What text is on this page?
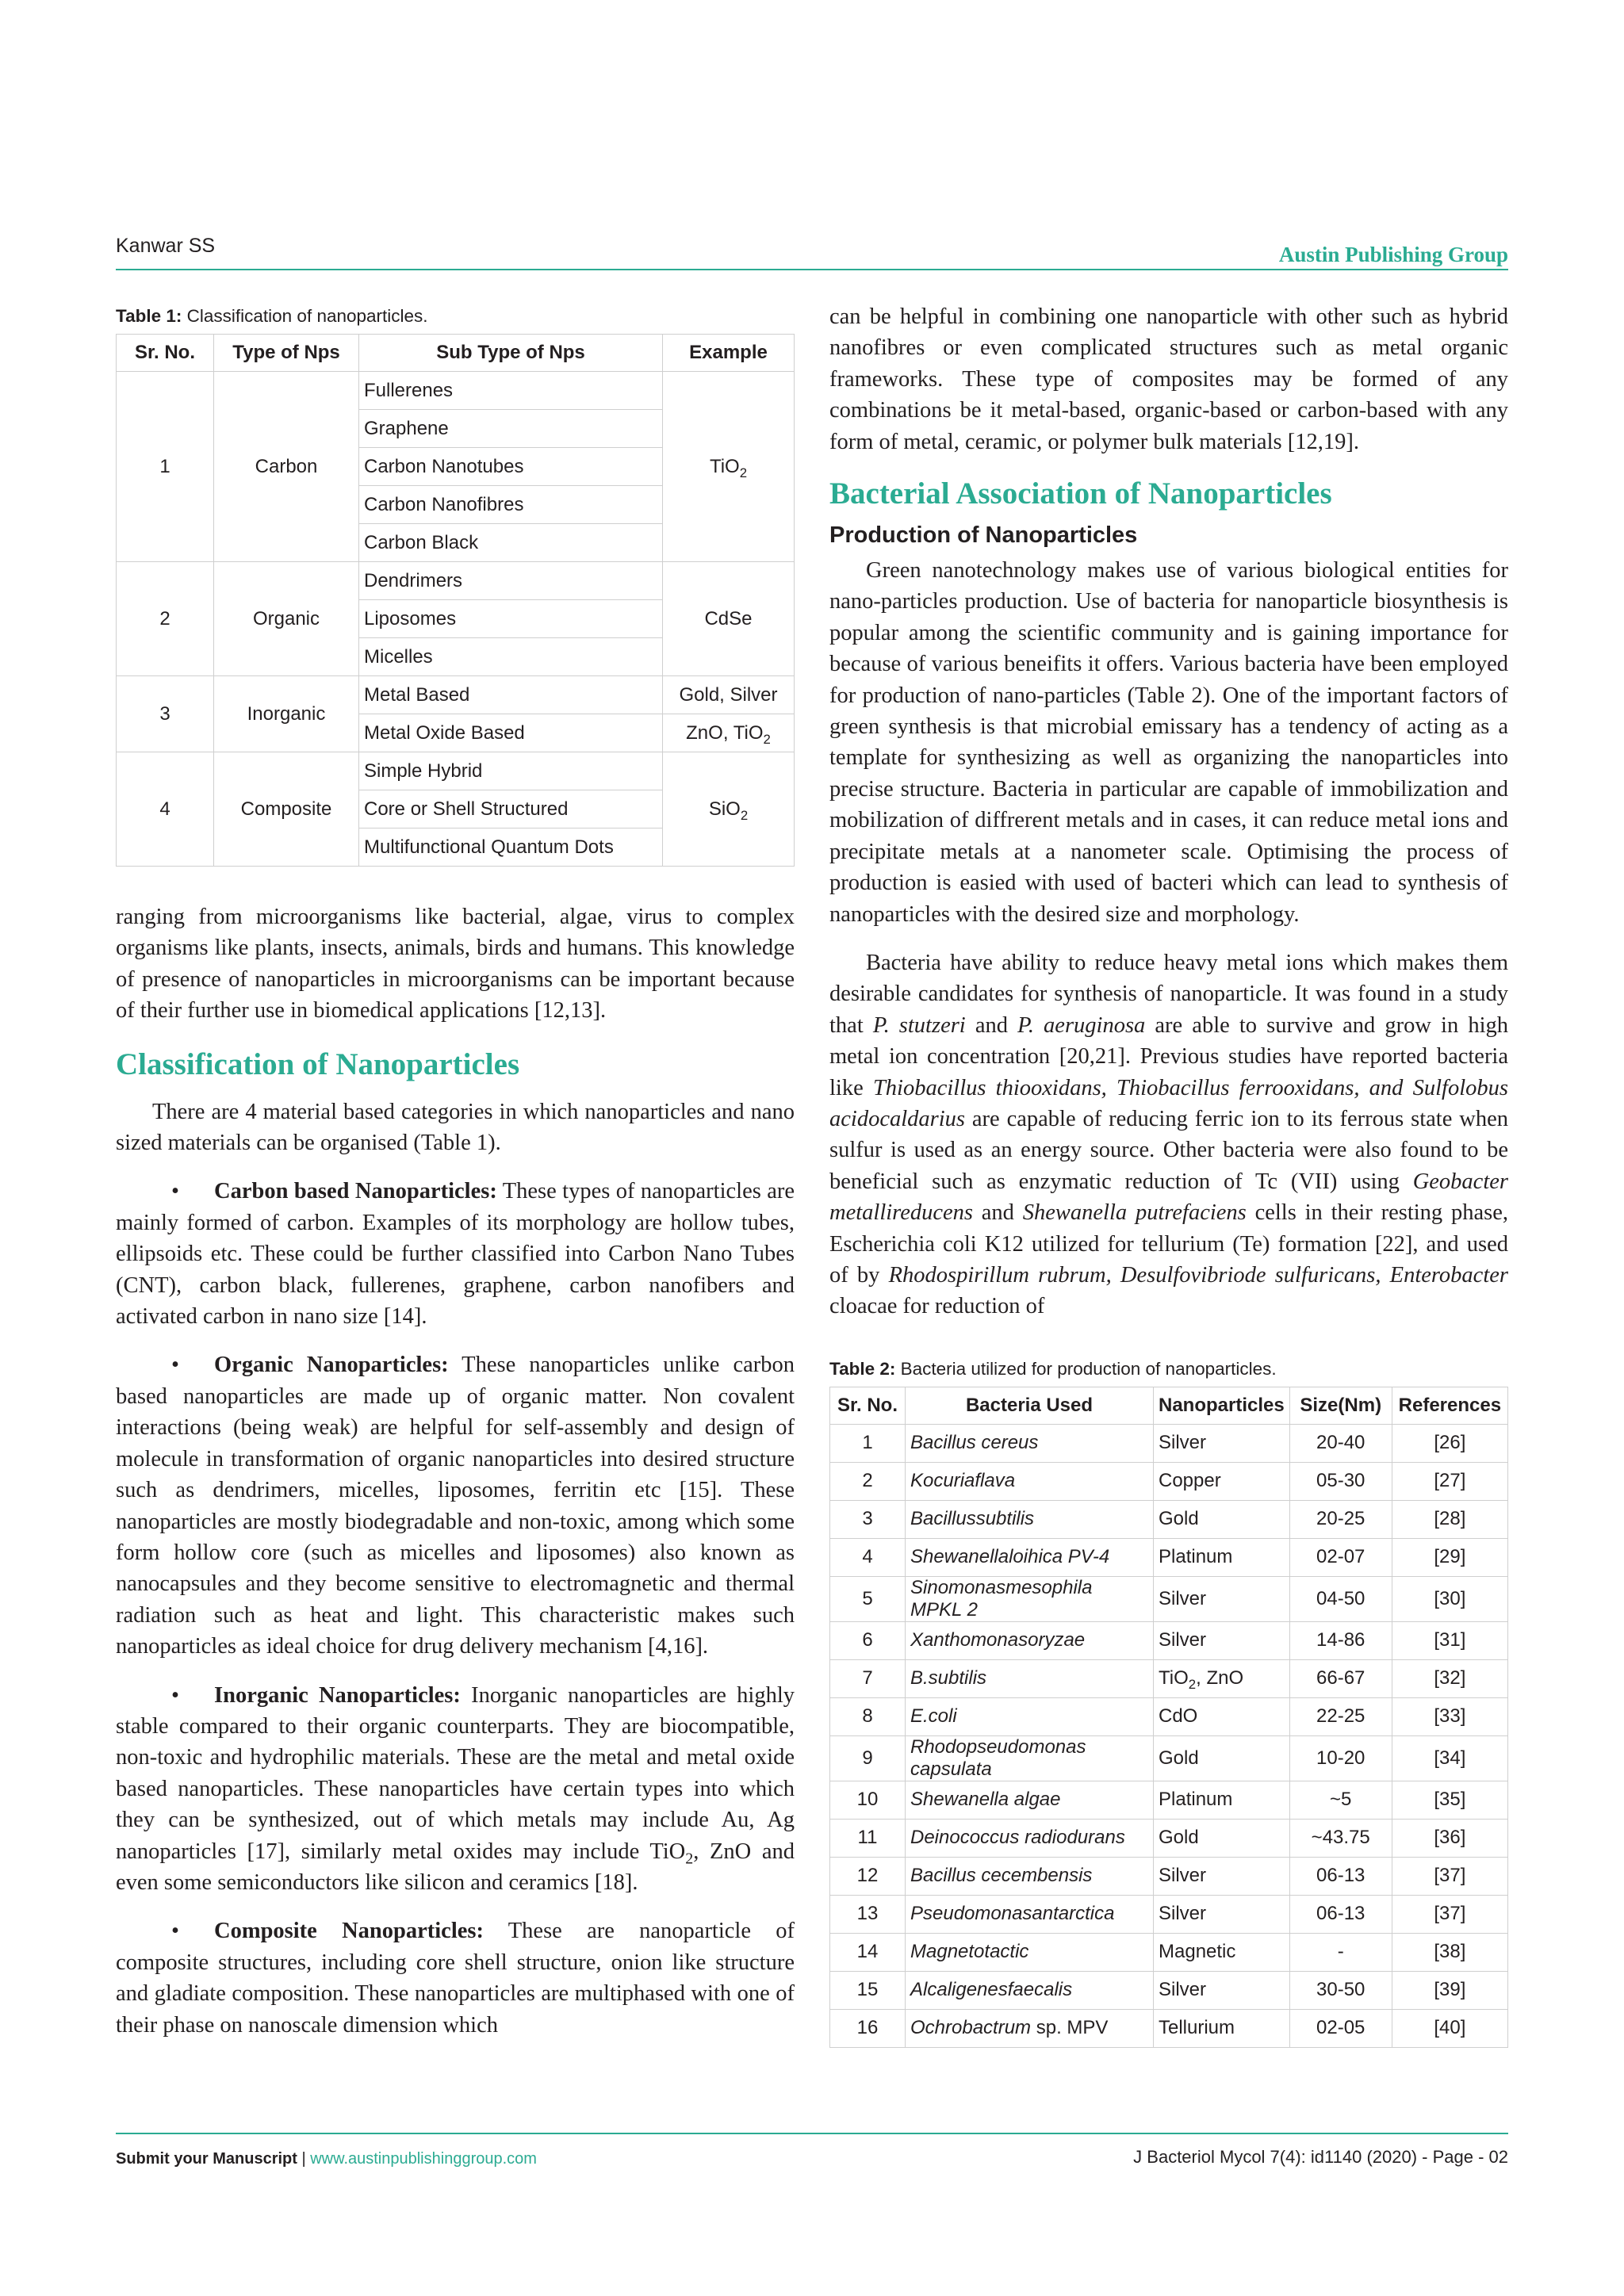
Kanwar SS	Austin Publishing Group
Table 1: Classification of nanoparticles.
Sr. No.	Type of Nps	Sub Type of Nps	Example
1	Carbon	Fullerenes	TiO$_2$
		Graphene	
		Carbon Nanotubes	
		Carbon Nanofibres	
		Carbon Black	
2	Organic	Dendrimers	CdSe
		Liposomes	
		Micelles	
3	Inorganic	Metal Based	Gold, Silver
		Metal Oxide Based	ZnO, TiO$_2$
4	Composite	Simple Hybrid	SiO$_2$
		Core or Shell Structured	
		Multifunctional Quantum Dots	

ranging from microorganisms like bacterial, algae, virus to complex organisms like plants, insects, animals, birds and humans. This knowledge of presence of nanoparticles in microorganisms can be important because of their further use in biomedical applications [12,13].

Classification of Nanoparticles

There are 4 material based categories in which nanoparticles and nano sized materials can be organised (Table 1).

• Carbon based Nanoparticles: These types of nanoparticles are mainly formed of carbon. Examples of its morphology are hollow tubes, ellipsoids etc. These could be further classified into Carbon Nano Tubes (CNT), carbon black, fullerenes, graphene, carbon nanofibers and activated carbon in nano size [14].

• Organic Nanoparticles: These nanoparticles unlike carbon based nanoparticles are made up of organic matter. Non covalent interactions (being weak) are helpful for self-assembly and design of molecule in transformation of organic nanoparticles into desired structure such as dendrimers, micelles, liposomes, ferritin etc [15]. These nanoparticles are mostly biodegradable and non-toxic, among which some form hollow core (such as micelles and liposomes) also known as nanocapsules and they become sensitive to electromagnetic and thermal radiation such as heat and light. This characteristic makes such nanoparticles as ideal choice for drug delivery mechanism [4,16].

• Inorganic Nanoparticles: Inorganic nanoparticles are highly stable compared to their organic counterparts. They are biocompatible, non-toxic and hydrophilic materials. These are the metal and metal oxide based nanoparticles. These nanoparticles have certain types into which they can be synthesized, out of which metals may include Au, Ag nanoparticles [17], similarly metal oxides may include TiO$_2$, ZnO and even some semiconductors like silicon and ceramics [18].

• Composite Nanoparticles: These are nanoparticle of composite structures, including core shell structure, onion like structure and gladiate composition. These nanoparticles are multiphased with one of their phase on nanoscale dimension which

can be helpful in combining one nanoparticle with other such as hybrid nanofibres or even complicated structures such as metal organic frameworks. These type of composites may be formed of any combinations be it metal-based, organic-based or carbon-based with any form of metal, ceramic, or polymer bulk materials [12,19].

Bacterial Association of Nanoparticles
Production of Nanoparticles

Green nanotechnology makes use of various biological entities for nano-particles production. Use of bacteria for nanoparticle biosynthesis is popular among the scientific community and is gaining importance for because of various beneifits it offers. Various bacteria have been employed for production of nano-particles (Table 2). One of the important factors of green synthesis is that microbial emissary has a tendency of acting as a template for synthesizing as well as organizing the nanoparticles into precise structure. Bacteria in particular are capable of immobilization and mobilization of diffrerent metals and in cases, it can reduce metal ions and precipitate metals at a nanometer scale. Optimising the process of production is easied with used of bacteri which can lead to synthesis of nanoparticles with the desired size and morphology.

Bacteria have ability to reduce heavy metal ions which makes them desirable candidates for synthesis of nanoparticle. It was found in a study that P. stutzeri and P. aeruginosa are able to survive and grow in high metal ion concentration [20,21]. Previous studies have reported bacteria like Thiobacillus thiooxidans, Thiobacillus ferrooxidans, and Sulfolobus acidocaldarius are capable of reducing ferric ion to its ferrous state when sulfur is used as an energy source. Other bacteria were also found to be beneficial such as enzymatic reduction of Tc (VII) using Geobacter metallireducens and Shewanella putrefaciens cells in their resting phase, Escherichia coli K12 utilized for tellurium (Te) formation [22], and used of by Rhodospirillum rubrum, Desulfovibriode sulfuricans, Enterobacter cloacae for reduction of

Table 2: Bacteria utilized for production of nanoparticles.
Sr. No.	Bacteria Used	Nanoparticles	Size(Nm)	References
1	Bacillus cereus	Silver	20-40	[26]
2	Kocuriaflava	Copper	05-30	[27]
3	Bacillussubtilis	Gold	20-25	[28]
4	Shewanellaloihica PV-4	Platinum	02-07	[29]
5	Sinomonasmesophila MPKL 2	Silver	04-50	[30]
6	Xanthomonasoryzae	Silver	14-86	[31]
7	B.subtilis	TiO$_2$, ZnO	66-67	[32]
8	E.coli	CdO	22-25	[33]
9	Rhodopseudomonas capsulata	Gold	10-20	[34]
10	Shewanella algae	Platinum	~5	[35]
11	Deinococcus radiodurans	Gold	~43.75	[36]
12	Bacillus cecembensis	Silver	06-13	[37]
13	Pseudomonasantarctica	Silver	06-13	[37]
14	Magnetotactic	Magnetic	-	[38]
15	Alcaligenesfaecalis	Silver	30-50	[39]
16	Ochrobactrum sp. MPV	Tellurium	02-05	[40]
Submit your Manuscript | www.austinpublishinggroup.com	J Bacteriol Mycol 7(4): id1140 (2020) - Page - 02
